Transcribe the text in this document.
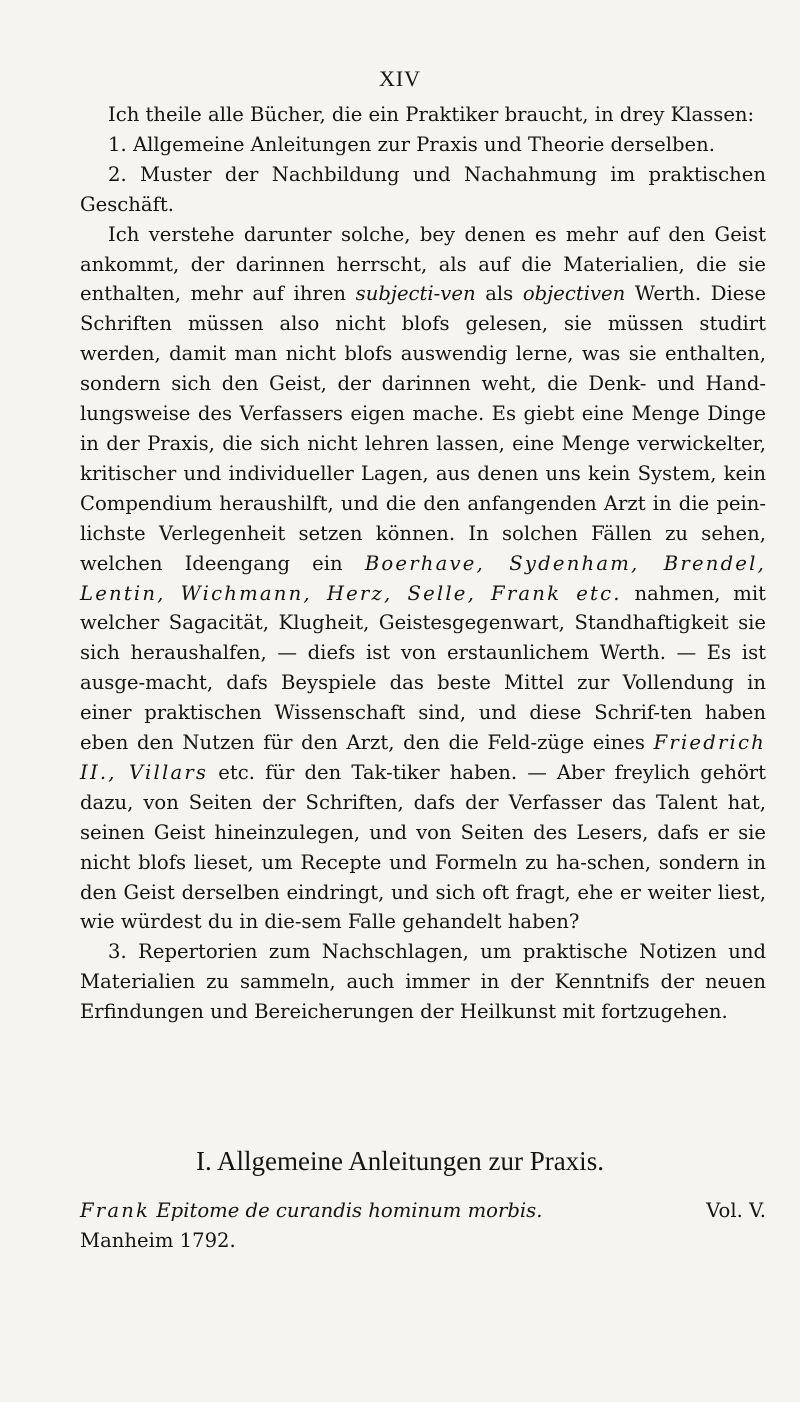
XIV

Ich theile alle Bücher, die ein Praktiker braucht, in drey Klassen:

1. Allgemeine Anleitungen zur Praxis und Theorie derselben.

2. Muster der Nachbildung und Nachahmung im praktischen Geschäft.

Ich verstehe darunter solche, bey denen es mehr auf den Geist ankommt, der darinnen herrscht, als auf die Materialien, die sie enthalten, mehr auf ihren subjecti-ven als objectiven Werth. Diese Schriften müssen also nicht blofs gelesen, sie müssen studirt werden, damit man nicht blofs auswendig lerne, was sie enthalten, sondern sich den Geist, der darinnen weht, die Denk- und Hand-lungsweise des Verfassers eigen mache. Es giebt eine Menge Dinge in der Praxis, die sich nicht lehren lassen, eine Menge verwickelter, kritischer und individueller Lagen, aus denen uns kein System, kein Compendium heraushilft, und die den anfangenden Arzt in die pein-lichste Verlegenheit setzen können. In solchen Fällen zu sehen, welchen Ideengang ein Boerhave, Sydenham, Brendel, Lentin, Wichmann, Herz, Selle, Frank etc. nahmen, mit welcher Sagacität, Klugheit, Geistesgegenwart, Standhaftigkeit sie sich heraushalfen, — diefs ist von erstaunlichem Werth. — Es ist ausge-macht, dafs Beyspiele das beste Mittel zur Vollendung in einer praktischen Wissenschaft sind, und diese Schrif-ten haben eben den Nutzen für den Arzt, den die Feld-züge eines Friedrich II., Villars etc. für den Tak-tiker haben. — Aber freylich gehört dazu, von Seiten der Schriften, dafs der Verfasser das Talent hat, seinen Geist hineinzulegen, und von Seiten des Lesers, dafs er sie nicht blofs lieset, um Recepte und Formeln zu ha-schen, sondern in den Geist derselben eindringt, und sich oft fragt, ehe er weiter liest, wie würdest du in die-sem Falle gehandelt haben?

3. Repertorien zum Nachschlagen, um praktische Notizen und Materialien zu sammeln, auch immer in der Kenntnifs der neuen Erfindungen und Bereicherungen der Heilkunst mit fortzugehen.

I. Allgemeine Anleitungen zur Praxis.
Frank Epitome de curandis hominum morbis.	Vol. V.
Manheim 1792.
